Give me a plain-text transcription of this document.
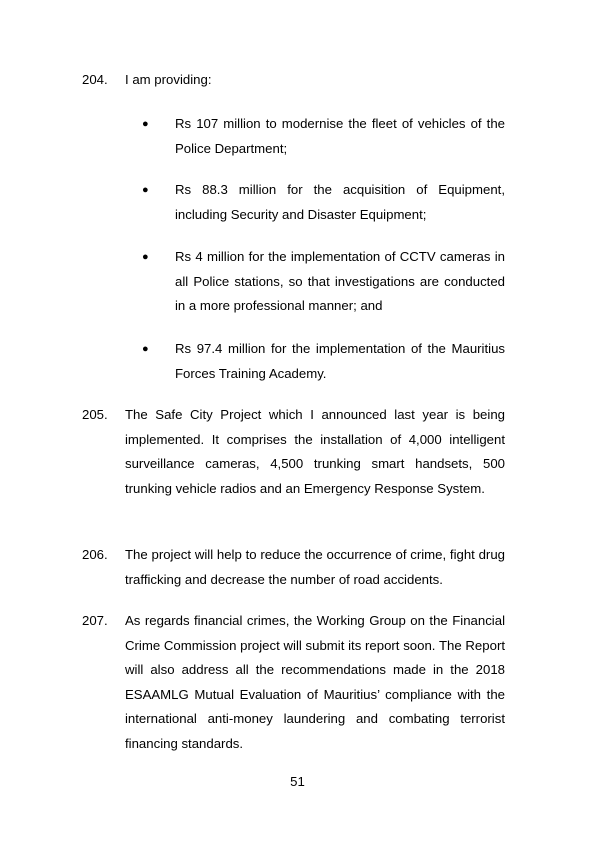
204.	I am providing:
●	Rs 107 million to modernise the fleet of vehicles of the Police Department;
●	Rs 88.3 million for the acquisition of Equipment, including Security and Disaster Equipment;
●	Rs 4 million for the implementation of CCTV cameras in all Police stations, so that investigations are conducted in a more professional manner; and
●	Rs 97.4 million for the implementation of the Mauritius Forces Training Academy.
205.	The Safe City Project which I announced last year is being implemented. It comprises the installation of 4,000 intelligent surveillance cameras, 4,500 trunking smart handsets, 500 trunking vehicle radios and an Emergency Response System.
206.	The project will help to reduce the occurrence of crime, fight drug trafficking and decrease the number of road accidents.
207.	As regards financial crimes, the Working Group on the Financial Crime Commission project will submit its report soon. The Report will also address all the recommendations made in the 2018 ESAAMLG Mutual Evaluation of Mauritius’ compliance with the international anti-money laundering and combating terrorist financing standards.
51
